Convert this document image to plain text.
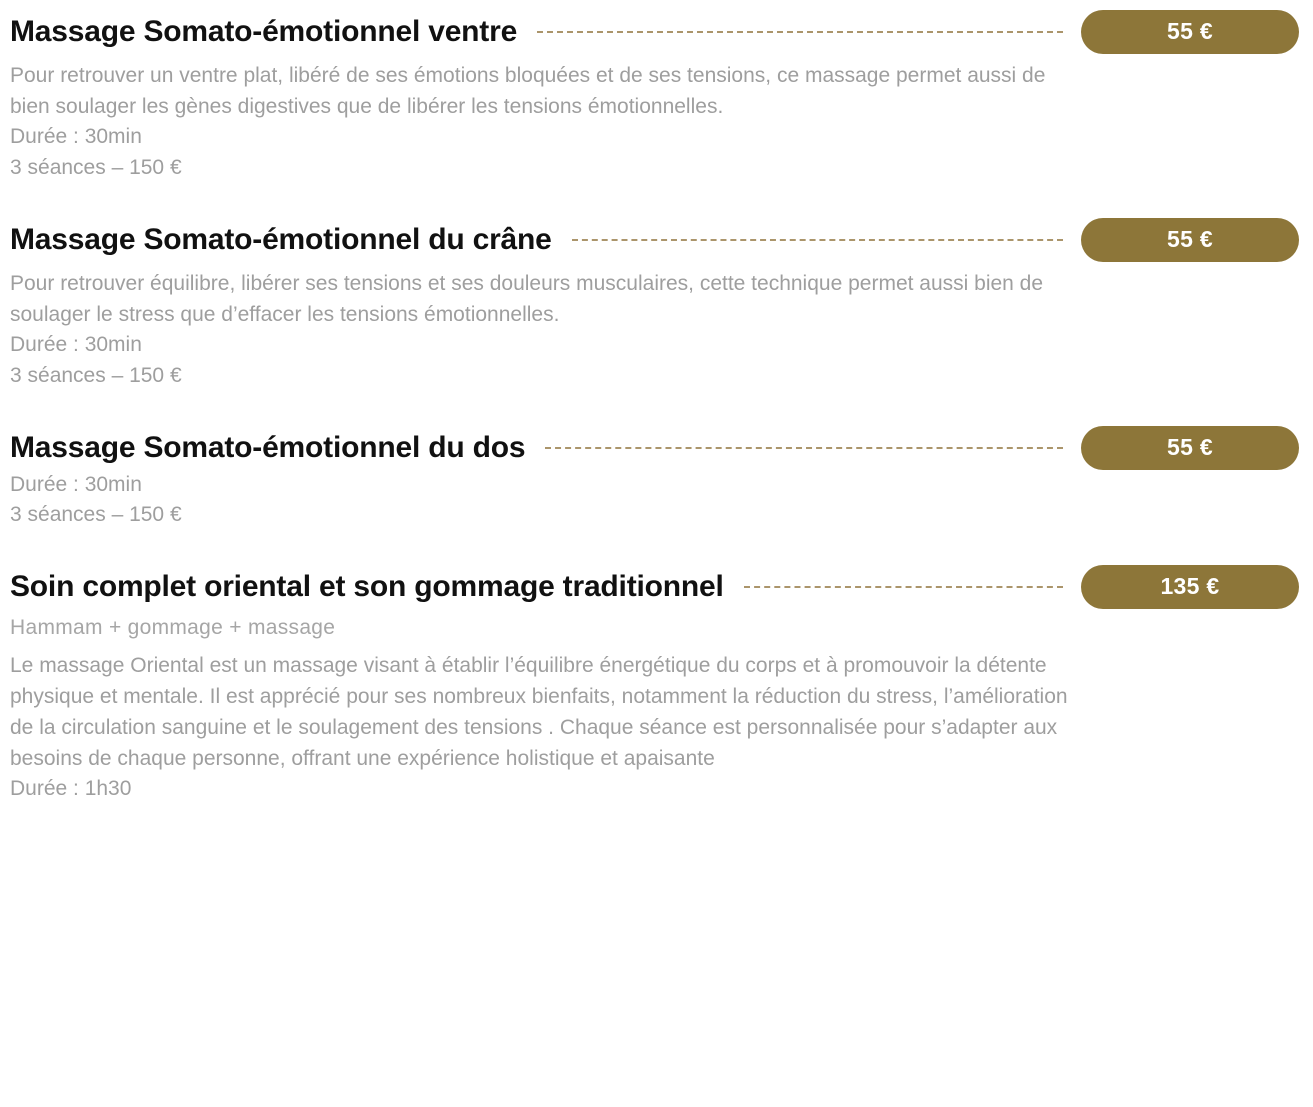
Massage Somato-émotionnel ventre	55 €
Pour retrouver un ventre plat, libéré de ses émotions bloquées et de ses tensions, ce massage permet aussi de bien soulager les gènes digestives que de libérer les tensions émotionnelles.

Durée : 30min

3 séances – 150 €

Massage Somato-émotionnel du crâne	55 €
Pour retrouver équilibre, libérer ses tensions et ses douleurs musculaires, cette technique permet aussi bien de soulager le stress que d’effacer les tensions émotionnelles.

Durée : 30min

3 séances – 150 €

Massage Somato-émotionnel du dos	55 €

Durée : 30min

3 séances – 150 €

Soin complet oriental et son gommage traditionnel	135 €

Hammam + gommage + massage

Le massage Oriental est un massage visant à établir l’équilibre énergétique du corps et à promouvoir la détente physique et mentale. Il est apprécié pour ses nombreux bienfaits, notamment la réduction du stress, l’amélioration de la circulation sanguine et le soulagement des tensions . Chaque séance est personnalisée pour s’adapter aux besoins de chaque personne, offrant une expérience holistique et apaisante

Durée : 1h30
